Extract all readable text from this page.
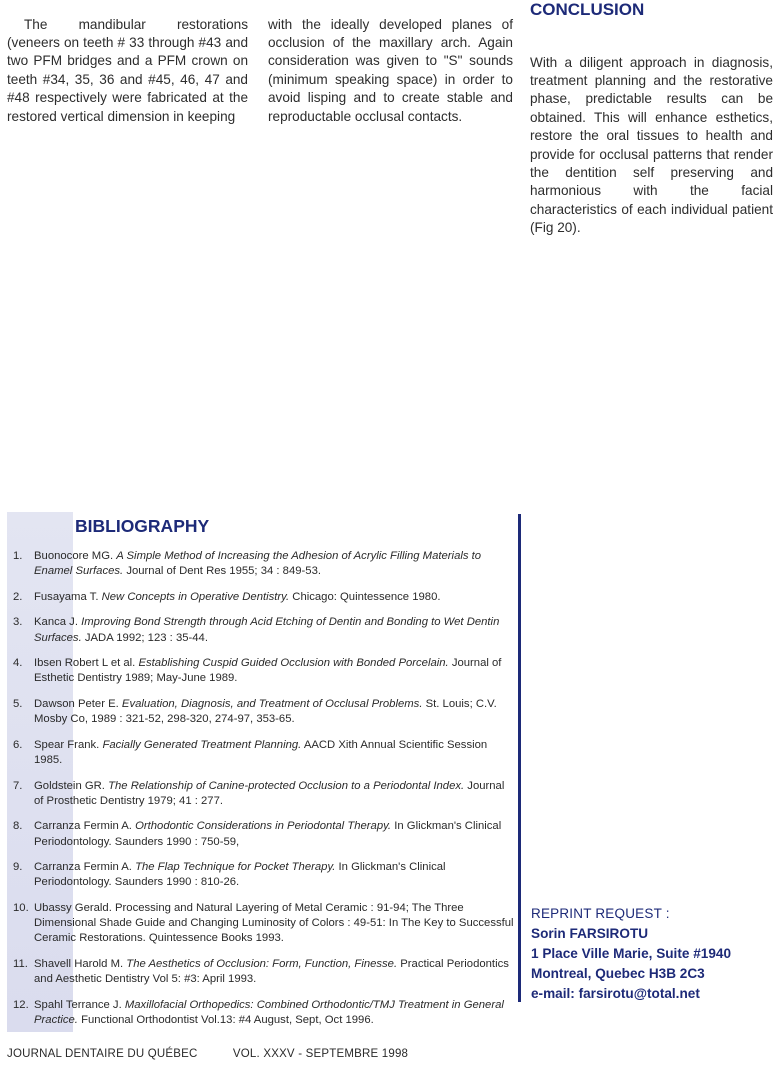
The mandibular restorations (veneers on teeth # 33 through #43 and two PFM bridges and a PFM crown on teeth #34, 35, 36 and #45, 46, 47 and #48 respectively were fabricated at the restored vertical dimension in keeping

with the ideally developed planes of occlusion of the maxillary arch. Again consideration was given to "S" sounds (minimum speaking space) in order to avoid lisping and to create stable and reproductable occlusal contacts.

CONCLUSION

With a diligent approach in diagnosis, treatment planning and the restorative phase, predictable results can be obtained. This will enhance esthetics, restore the oral tissues to health and provide for occlusal patterns that render the dentition self preserving and harmonious with the facial characteristics of each individual patient (Fig 20).

BIBLIOGRAPHY
1. Buonocore MG. A Simple Method of Increasing the Adhesion of Acrylic Filling Materials to Enamel Surfaces. Journal of Dent Res 1955; 34 : 849-53.
2. Fusayama T. New Concepts in Operative Dentistry. Chicago: Quintessence 1980.
3. Kanca J. Improving Bond Strength through Acid Etching of Dentin and Bonding to Wet Dentin Surfaces. JADA 1992; 123 : 35-44.
4. Ibsen Robert L et al. Establishing Cuspid Guided Occlusion with Bonded Porcelain. Journal of Esthetic Dentistry 1989; May-June 1989.
5. Dawson Peter E. Evaluation, Diagnosis, and Treatment of Occlusal Problems. St. Louis; C.V. Mosby Co, 1989 : 321-52, 298-320, 274-97, 353-65.
6. Spear Frank. Facially Generated Treatment Planning. AACD Xith Annual Scientific Session 1985.
7. Goldstein GR. The Relationship of Canine-protected Occlusion to a Periodontal Index. Journal of Prosthetic Dentistry 1979; 41 : 277.
8. Carranza Fermin A. Orthodontic Considerations in Periodontal Therapy. In Glickman's Clinical Periodontology. Saunders 1990 : 750-59,
9. Carranza Fermin A. The Flap Technique for Pocket Therapy. In Glickman's Clinical Periodontology. Saunders 1990 : 810-26.
10. Ubassy Gerald. Processing and Natural Layering of Metal Ceramic : 91-94; The Three Dimensional Shade Guide and Changing Luminosity of Colors : 49-51: In The Key to Successful Ceramic Restorations. Quintessence Books 1993.
11. Shavell Harold M. The Aesthetics of Occlusion: Form, Function, Finesse. Practical Periodontics and Aesthetic Dentistry Vol 5: #3: April 1993.
12. Spahl Terrance J. Maxillofacial Orthopedics: Combined Orthodontic/TMJ Treatment in General Practice. Functional Orthodontist Vol.13: #4 August, Sept, Oct 1996.
REPRINT REQUEST :
Sorin FARSIROTU
1 Place Ville Marie, Suite #1940
Montreal, Quebec H3B 2C3
e-mail: farsirotu@total.net
JOURNAL DENTAIRE DU QUÉBEC	VOL. XXXV - SEPTEMBRE 1998
